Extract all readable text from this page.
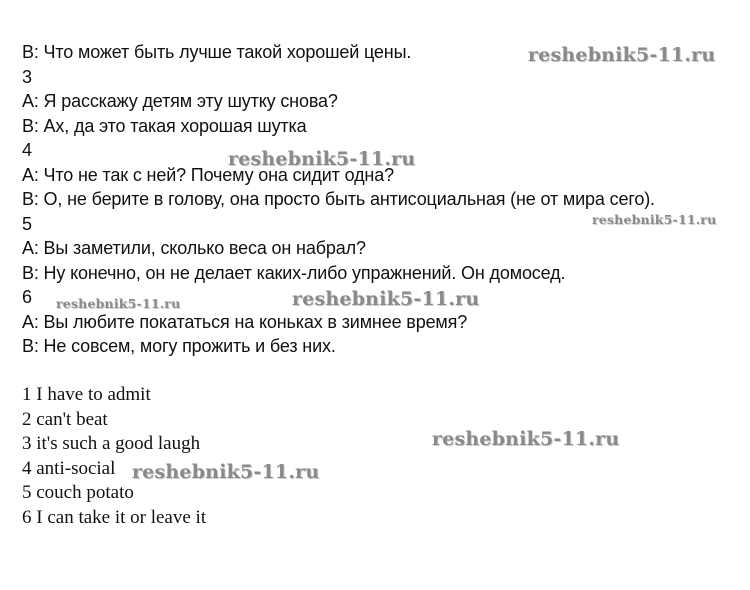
B: Что может быть лучше такой хорошей цены.
3
А: Я расскажу детям эту шутку снова?
В: Ах, да это такая хорошая шутка
4
А: Что не так с ней? Почему она сидит одна?
В: О, не берите в голову, она просто быть антисоциальная (не от мира сего).
5
А: Вы заметили, сколько веса он набрал?
В: Ну конечно, он не делает каких-либо упражнений. Он домосед.
6
А: Вы любите покататься на коньках в зимнее время?
В: Не совсем, могу прожить и без них.
1 I have to admit
2 can't beat
3 it's such a good laugh
4 anti-social
5 couch potato
6 I can take it or leave it
reshebnik5-11.ru
reshebnik5-11.ru
reshebnik5-11.ru
reshebnik5-11.ru	reshebnik5-11.ru
reshebnik5-11.ru
reshebnik5-11.ru
